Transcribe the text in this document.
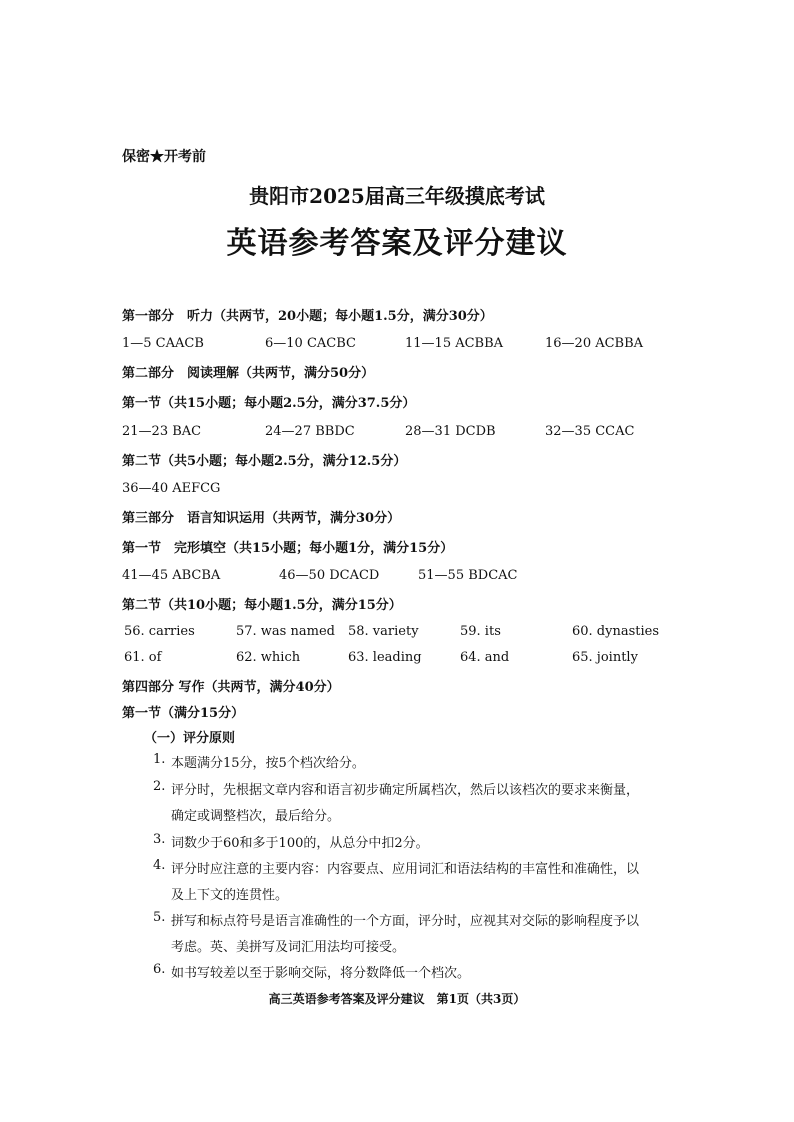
保密★开考前
贵阳市2025届高三年级摸底考试
英语参考答案及评分建议
第一部分　听力（共两节，20小题；每小题1.5分，满分30分）
1—5 CAACB	6—10 CACBC	11—15 ACBBA	16—20 ACBBA
第二部分　阅读理解（共两节，满分50分）
第一节（共15小题；每小题2.5分，满分37.5分）
21—23 BAC	24—27 BBDC	28—31 DCDB	32—35 CCAC
第二节（共5小题；每小题2.5分，满分12.5分）
36—40 AEFCG
第三部分　语言知识运用（共两节，满分30分）
第一节　完形填空（共15小题；每小题1分，满分15分）
41—45 ABCBA	46—50 DCACD	51—55 BDCAC
第二节（共10小题；每小题1.5分，满分15分）
56. carries	57. was named 58. variety	59. its	60. dynasties
61. of	62. which	63. leading	64. and	65. jointly
第四部分 写作（共两节，满分40分）
第一节（满分15分）
（一）评分原则
1. 本题满分15分，按5个档次给分。
2. 评分时，先根据文章内容和语言初步确定所属档次，然后以该档次的要求来衡量，
确定或调整档次，最后给分。
3. 词数少于60和多于100的，从总分中扣2分。
4. 评分时应注意的主要内容：内容要点、应用词汇和语法结构的丰富性和准确性，以
及上下文的连贯性。
5. 拼写和标点符号是语言准确性的一个方面，评分时，应视其对交际的影响程度予以
考虑。英、美拼写及词汇用法均可接受。
6. 如书写较差以至于影响交际，将分数降低一个档次。
高三英语参考答案及评分建议　第1页（共3页）
